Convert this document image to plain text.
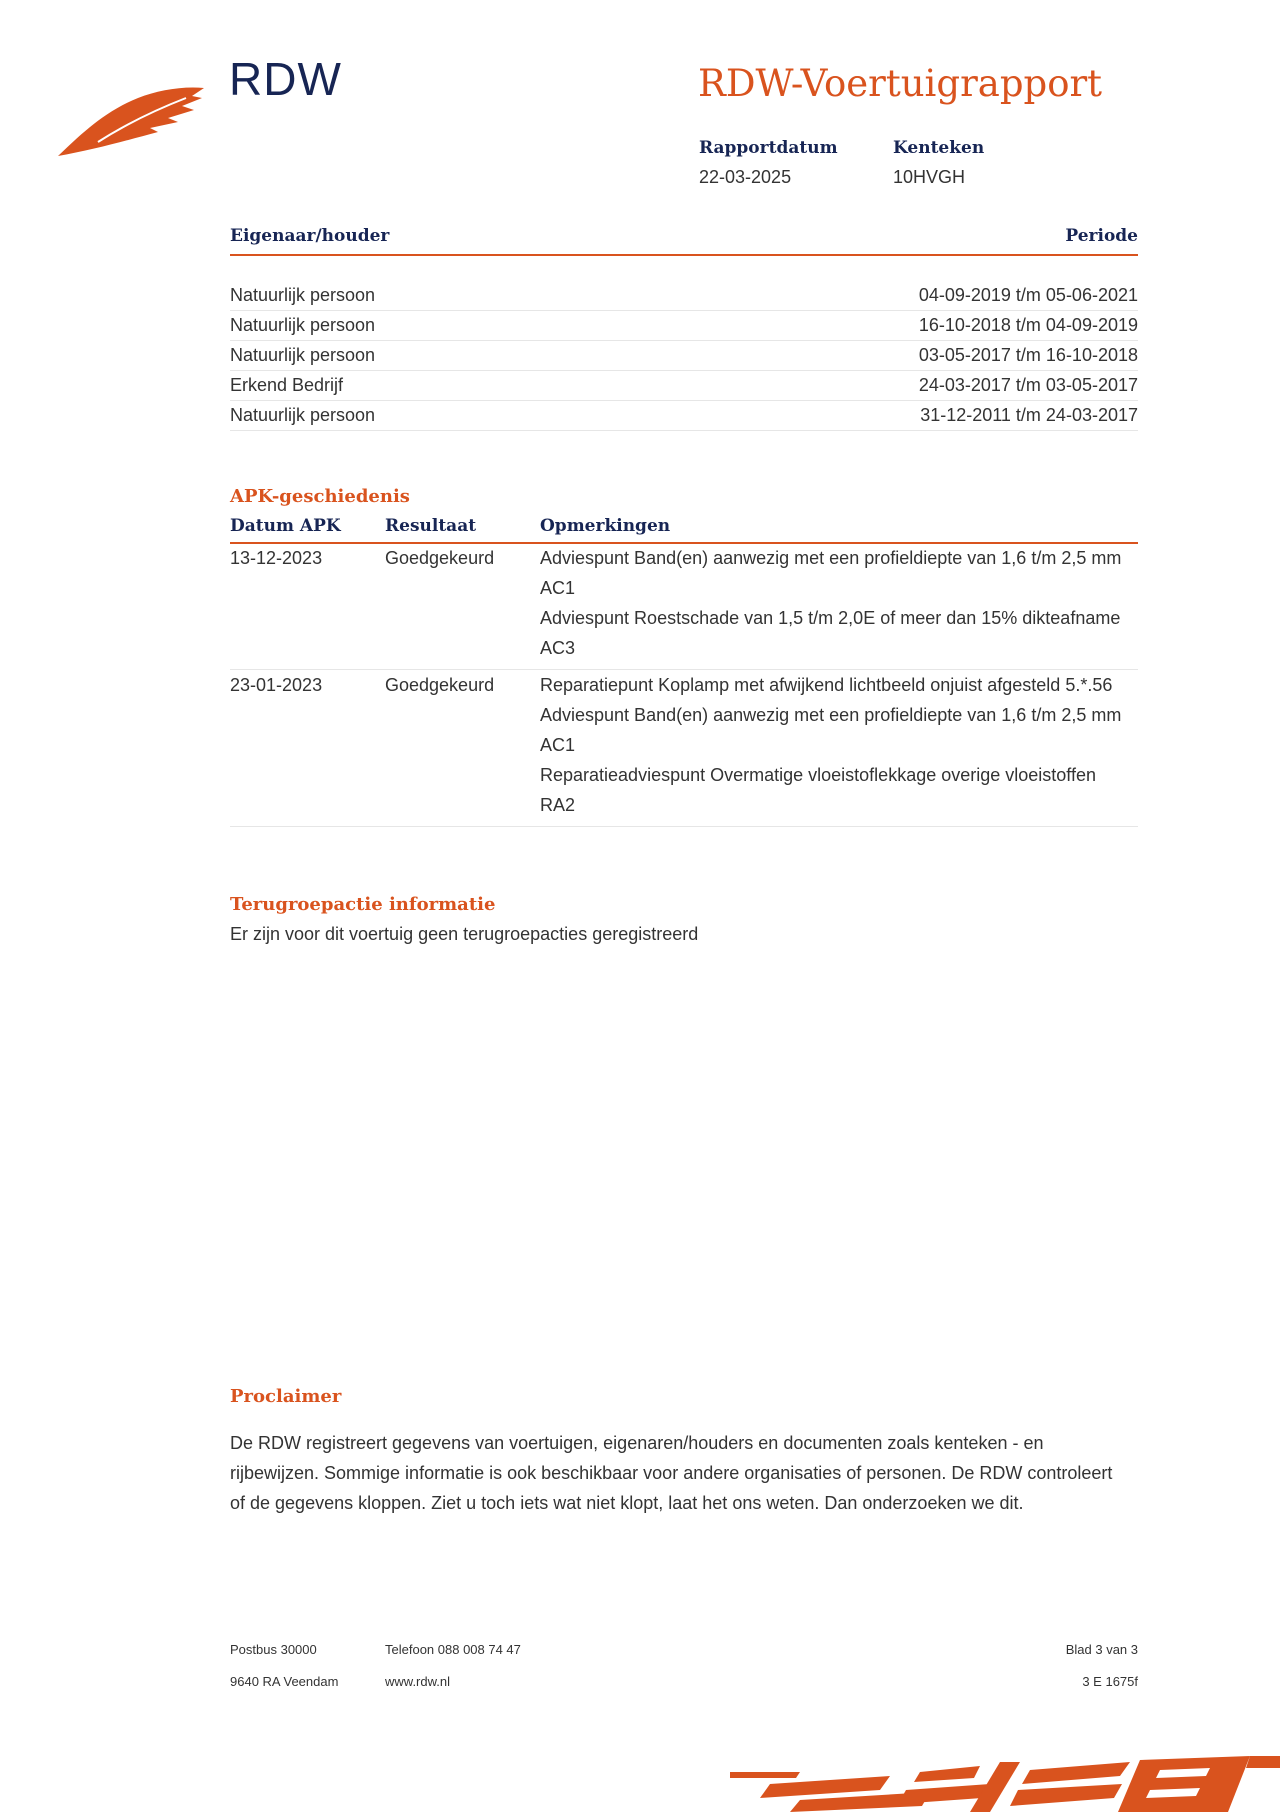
RDW	RDW-Voertuigrapport
Rapportdatum
22-03-2025
Kenteken
10HVGH
Eigenaar/houder	Periode
Natuurlijk persoon	04-09-2019 t/m 05-06-2021
Natuurlijk persoon	16-10-2018 t/m 04-09-2019
Natuurlijk persoon	03-05-2017 t/m 16-10-2018
Erkend Bedrijf	24-03-2017 t/m 03-05-2017
Natuurlijk persoon	31-12-2011 t/m 24-03-2017
APK-geschiedenis
Datum APK	Resultaat	Opmerkingen
13-12-2023	Goedgekeurd	Adviespunt Band(en) aanwezig met een profieldiepte van 1,6 t/m 2,5 mm AC1
Adviespunt Roestschade van 1,5 t/m 2,0E of meer dan 15% dikteafname AC3
23-01-2023	Goedgekeurd	Reparatiepunt Koplamp met afwijkend lichtbeeld onjuist afgesteld 5.*.56
Adviespunt Band(en) aanwezig met een profieldiepte van 1,6 t/m 2,5 mm AC1
Reparatieadviespunt Overmatige vloeistoflekkage overige vloeistoffen RA2
Terugroepactie informatie
Er zijn voor dit voertuig geen terugroepacties geregistreerd
Proclaimer
De RDW registreert gegevens van voertuigen, eigenaren/houders en documenten zoals kenteken - en rijbewijzen. Sommige informatie is ook beschikbaar voor andere organisaties of personen. De RDW controleert of de gegevens kloppen. Ziet u toch iets wat niet klopt, laat het ons weten. Dan onderzoeken we dit.
Postbus 30000
9640 RA Veendam
Telefoon 088 008 74 47
www.rdw.nl
Blad 3 van 3
3 E 1675f
